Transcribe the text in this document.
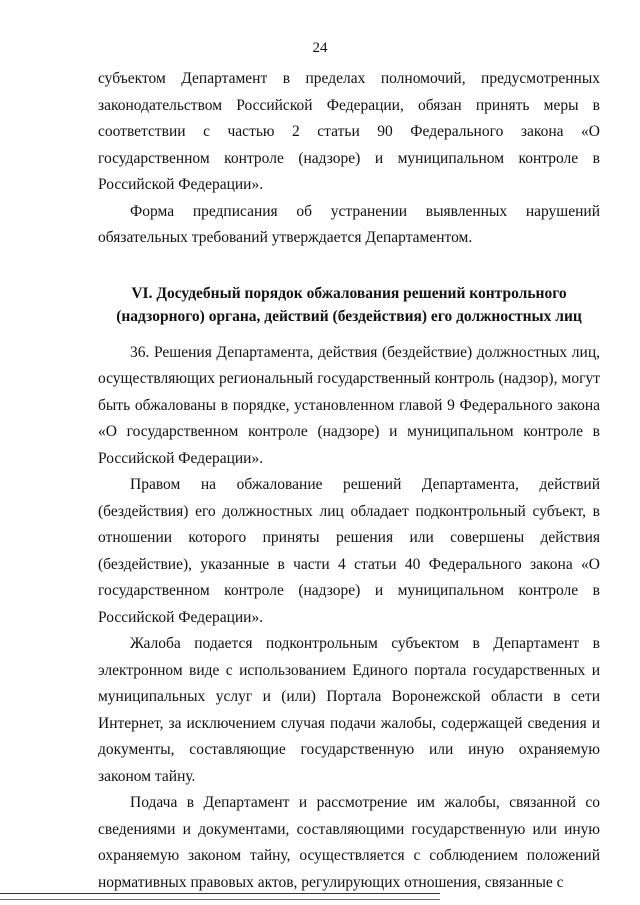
24

субъектом Департамент в пределах полномочий, предусмотренных законодательством Российской Федерации, обязан принять меры в соответствии с частью 2 статьи 90 Федерального закона «О государственном контроле (надзоре) и муниципальном контроле в Российской Федерации».

Форма предписания об устранении выявленных нарушений обязательных требований утверждается Департаментом.

VI. Досудебный порядок обжалования решений контрольного
(надзорного) органа, действий (бездействия) его должностных лиц

36. Решения Департамента, действия (бездействие) должностных лиц, осуществляющих региональный государственный контроль (надзор), могут быть обжалованы в порядке, установленном главой 9 Федерального закона «О государственном контроле (надзоре) и муниципальном контроле в Российской Федерации».

Правом на обжалование решений Департамента, действий (бездействия) его должностных лиц обладает подконтрольный субъект, в отношении которого приняты решения или совершены действия (бездействие), указанные в части 4 статьи 40 Федерального закона «О государственном контроле (надзоре) и муниципальном контроле в Российской Федерации».

Жалоба подается подконтрольным субъектом в Департамент в электронном виде с использованием Единого портала государственных и муниципальных услуг и (или) Портала Воронежской области в сети Интернет, за исключением случая подачи жалобы, содержащей сведения и документы, составляющие государственную или иную охраняемую законом тайну.

Подача в Департамент и рассмотрение им жалобы, связанной со сведениями и документами, составляющими государственную или иную охраняемую законом тайну, осуществляется с соблюдением положений нормативных правовых актов, регулирующих отношения, связанные с
